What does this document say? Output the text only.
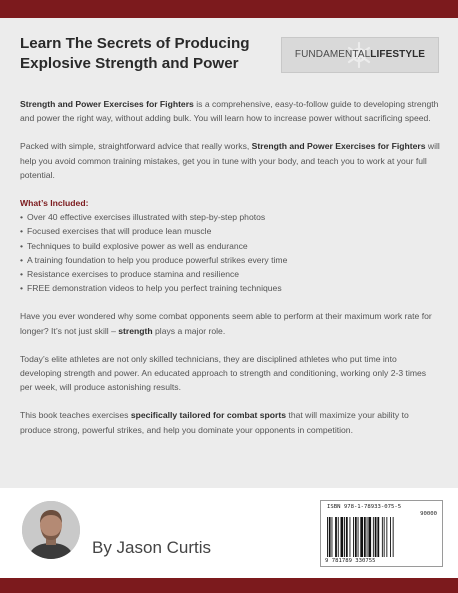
Learn The Secrets of Producing
Explosive Strength and Power
FUNDAMENTALLIFESTYLE

Strength and Power Exercises for Fighters is a comprehensive, easy-to-follow guide to developing strength and power the right way, without adding bulk. You will learn how to increase power without sacrificing speed.

Packed with simple, straightforward advice that really works, Strength and Power Exercises for Fighters will help you avoid common training mistakes, get you in tune with your body, and teach you to work at your full potential.

What’s Included:

• Over 40 effective exercises illustrated with step-by-step photos
• Focused exercises that will produce lean muscle
• Techniques to build explosive power as well as endurance
• A training foundation to help you produce powerful strikes every time
• Resistance exercises to produce stamina and resilience
• FREE demonstration videos to help you perfect training techniques

Have you ever wondered why some combat opponents seem able to perform at their maximum work rate for longer? It’s not just skill – strength plays a major role.

Today’s elite athletes are not only skilled technicians, they are disciplined athletes who put time into developing strength and power. An educated approach to strength and conditioning, working only 2-3 times per week, will produce astonishing results.

This book teaches exercises specifically tailored for combat sports that will maximize your ability to produce strong, powerful strikes, and help you dominate your opponents in competition.

By Jason Curtis
ISBN 978-1-78933-075-5
90000
9 781789 330755
